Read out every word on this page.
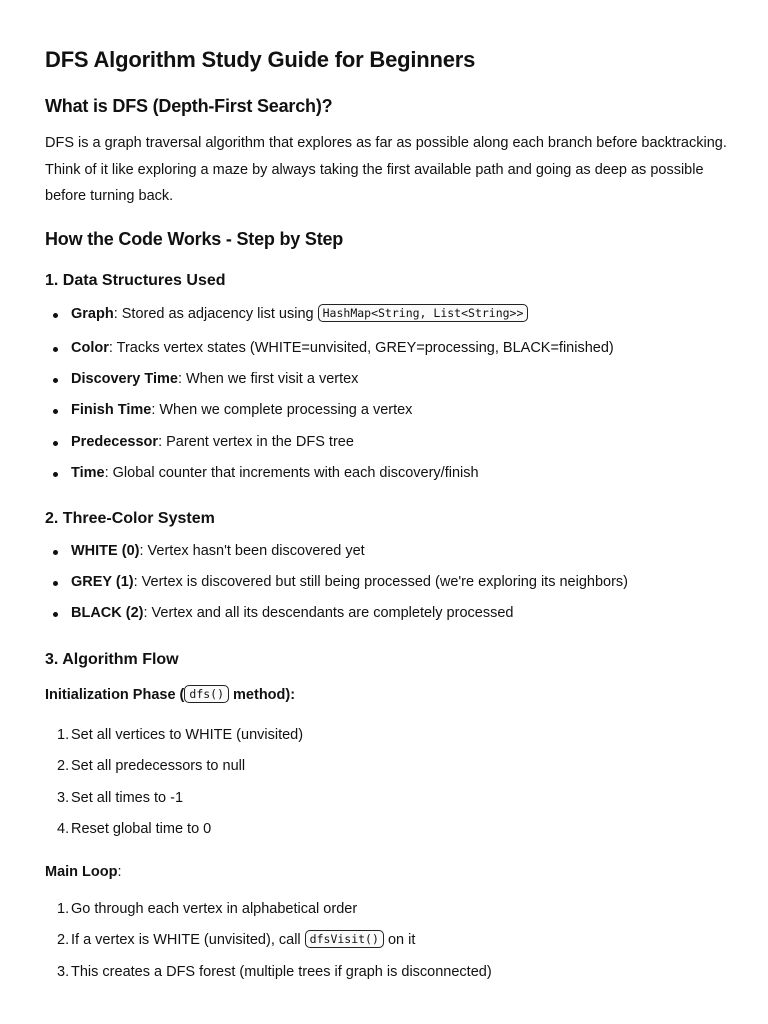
DFS Algorithm Study Guide for Beginners
What is DFS (Depth-First Search)?

DFS is a graph traversal algorithm that explores as far as possible along each branch before backtracking.

Think of it like exploring a maze by always taking the first available path and going as deep as possible

before turning back.

How the Code Works - Step by Step
1. Data Structures Used
Graph: Stored as adjacency list using HashMap<String, List<String>>
Color: Tracks vertex states (WHITE=unvisited, GREY=processing, BLACK=finished)
Discovery Time: When we first visit a vertex
Finish Time: When we complete processing a vertex
Predecessor: Parent vertex in the DFS tree
Time: Global counter that increments with each discovery/finish
2. Three-Color System
WHITE (0): Vertex hasn't been discovered yet
GREY (1): Vertex is discovered but still being processed (we're exploring its neighbors)
BLACK (2): Vertex and all its descendants are completely processed
3. Algorithm Flow
Initialization Phase ( dfs() method):
1. Set all vertices to WHITE (unvisited)
2. Set all predecessors to null
3. Set all times to -1
4. Reset global time to 0
Main Loop:
1. Go through each vertex in alphabetical order
2. If a vertex is WHITE (unvisited), call dfsVisit() on it
3. This creates a DFS forest (multiple trees if graph is disconnected)
